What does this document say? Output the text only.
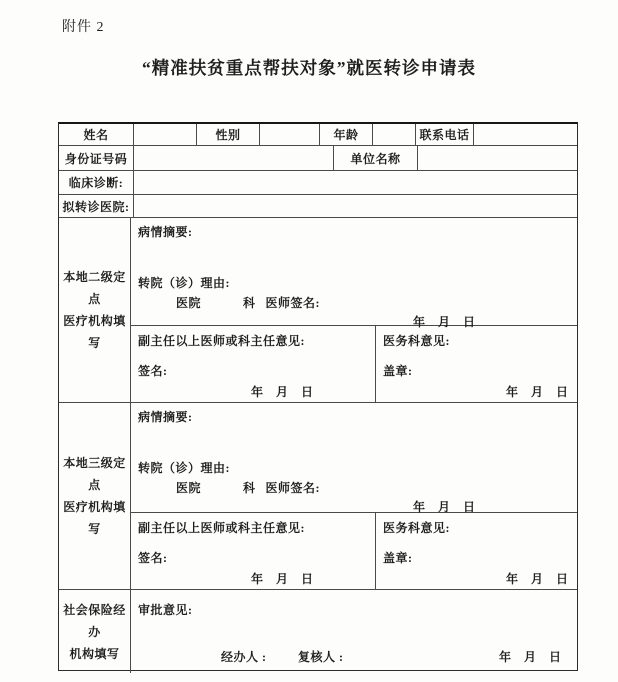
附件 2
“精准扶贫重点帮扶对象”就医转诊申请表
姓名	性别	年龄	联系电话
身份证号码	单位名称
临床诊断:
拟转诊医院:
本地二级定点
医疗机构填写
病情摘要:
转院（诊）理由:
医院	科 医师签名:
年　月　日
副主任以上医师或科主任意见:
签名:
年　月　日
医务科意见:
盖章:
年　月　日
本地三级定点
医疗机构填写
病情摘要:
转院（诊）理由:
医院	科 医师签名:
年　月　日
副主任以上医师或科主任意见:
签名:
年　月　日
医务科意见:
盖章:
年　月　日
社会保险经办
机构填写
审批意见:
经办人 :	复核人 :	年　月　日
